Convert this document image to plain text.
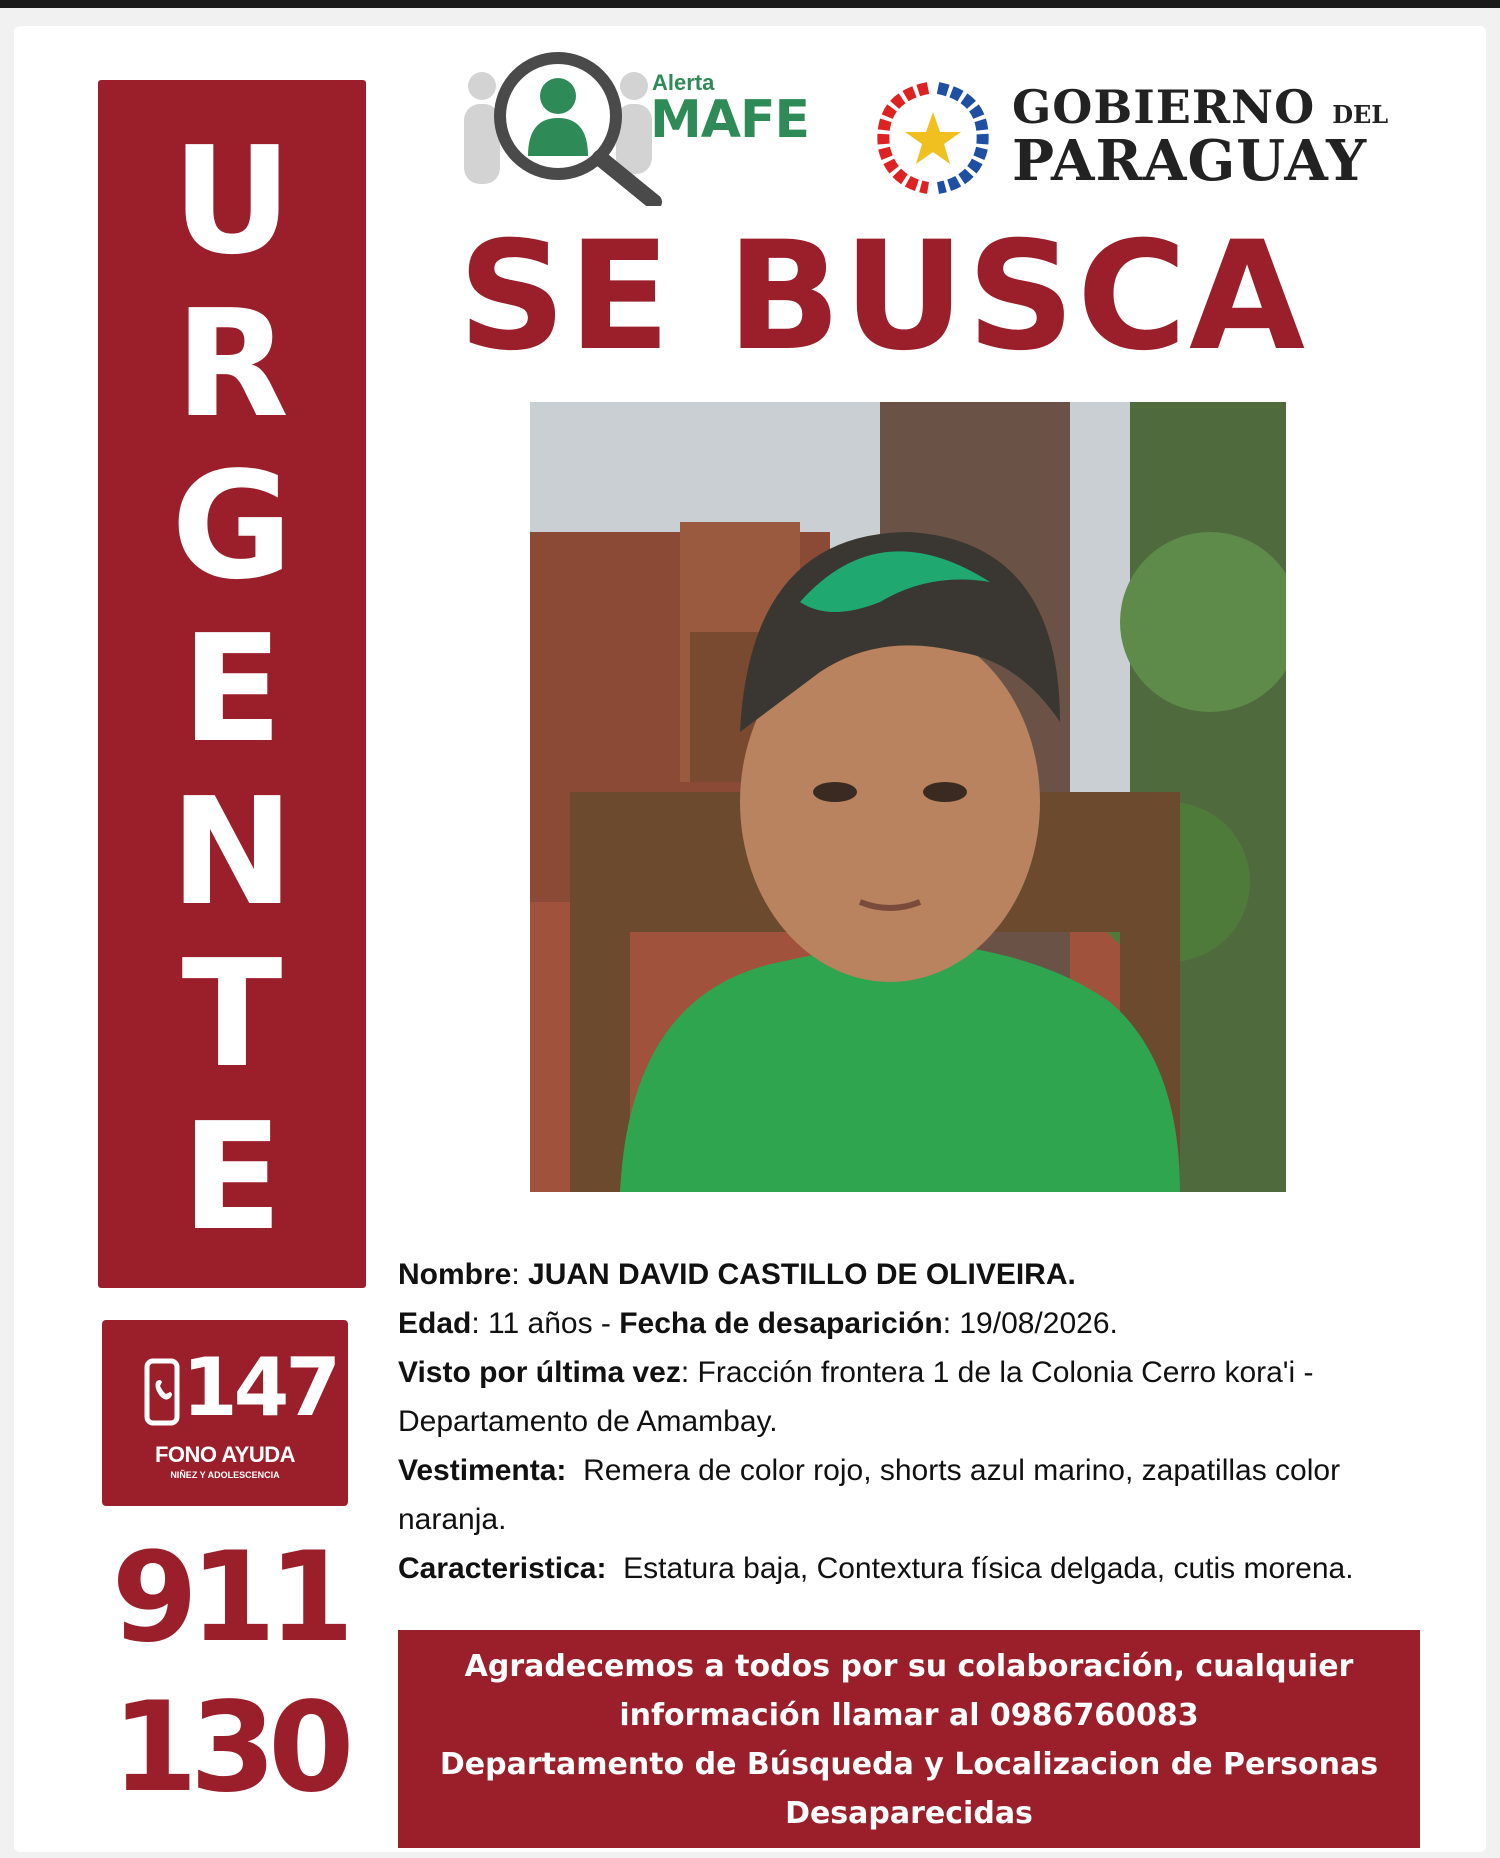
U
R
G
E
N
T
E
147
FONO AYUDA
NIÑEZ Y ADOLESCENCIA
911
130
Alerta
MAFE	GOBIERNO DEL
PARAGUAY
SE BUSCA
Nombre: JUAN DAVID CASTILLO DE OLIVEIRA.
Edad: 11 años - Fecha de desaparición: 19/08/2026.
Visto por última vez: Fracción frontera 1 de la Colonia Cerro kora'i -
Departamento de Amambay.
Vestimenta: Remera de color rojo, shorts azul marino, zapatillas color
naranja.
Caracteristica: Estatura baja, Contextura física delgada, cutis morena.
Agradecemos a todos por su colaboración, cualquier
información llamar al 0986760083
Departamento de Búsqueda y Localizacion de Personas
Desaparecidas
